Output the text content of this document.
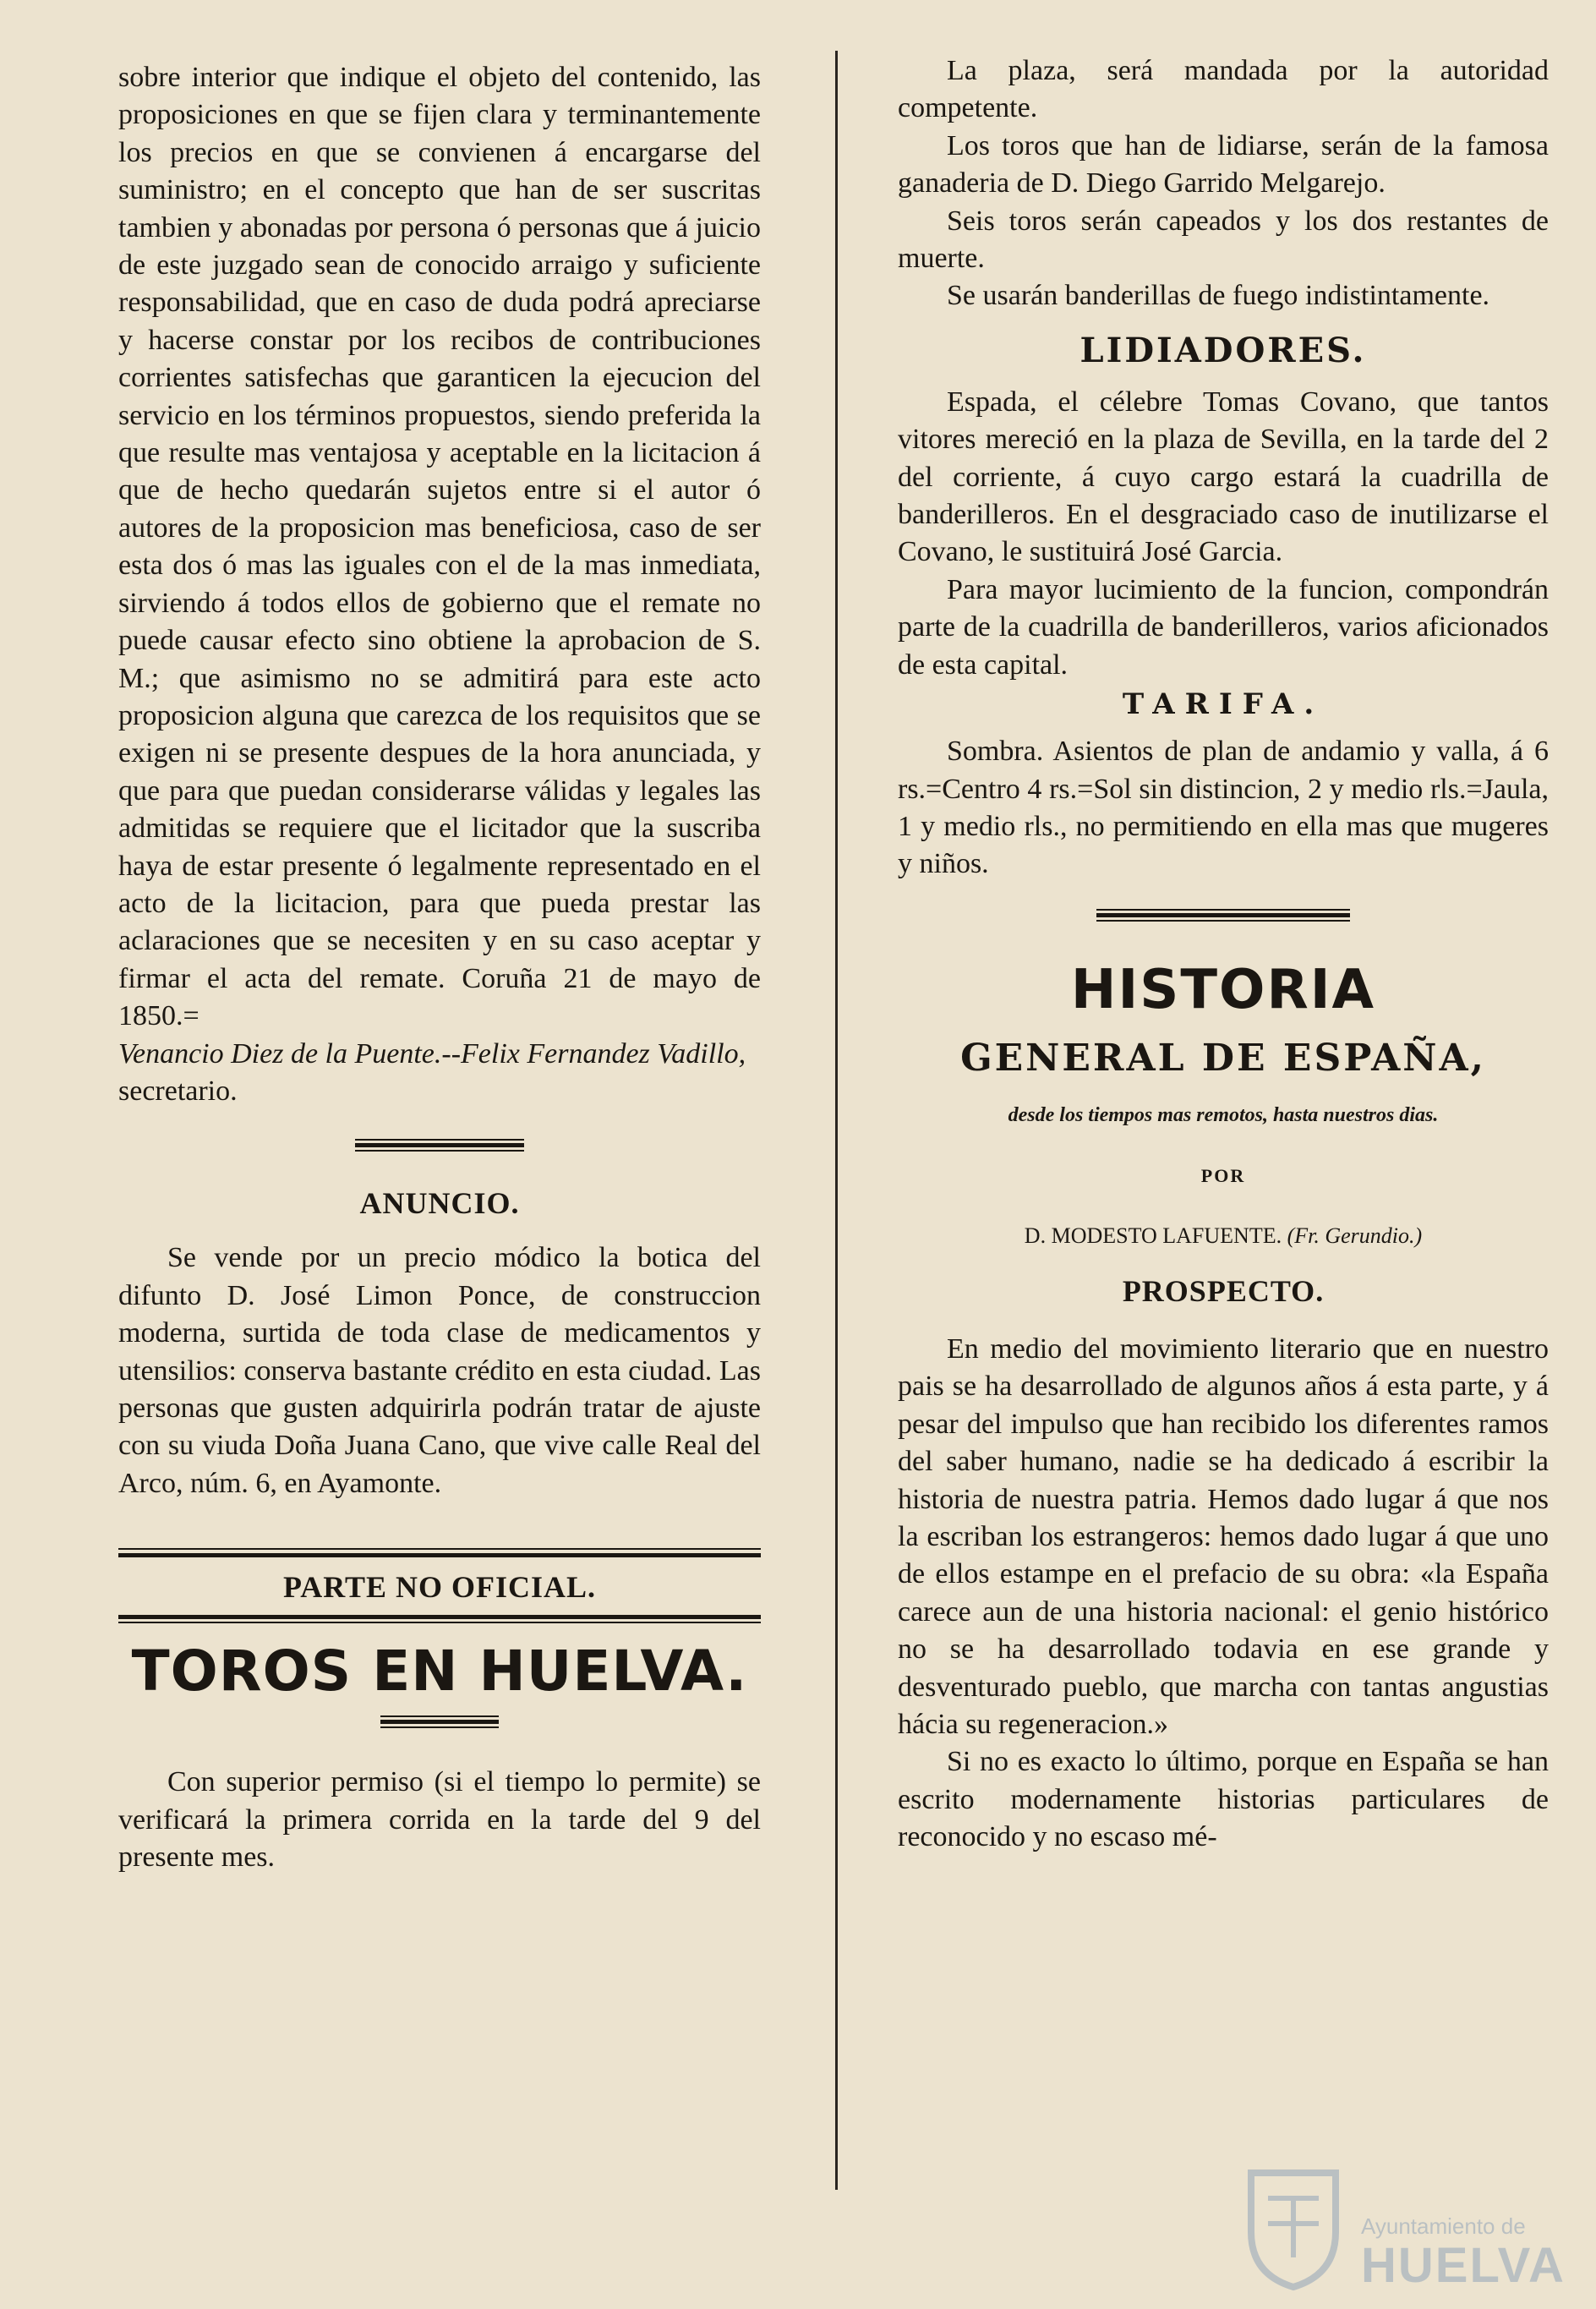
sobre interior que indique el objeto del contenido, las proposiciones en que se fijen clara y terminantemente los precios en que se convienen á encargarse del suministro; en el concepto que han de ser suscritas tambien y abonadas por persona ó personas que á juicio de este juzgado sean de conocido arraigo y suficiente responsabilidad, que en caso de duda podrá apreciarse y hacerse constar por los recibos de contribuciones corrientes satisfechas que garanticen la ejecucion del servicio en los términos propuestos, siendo preferida la que resulte mas ventajosa y aceptable en la licitacion á que de hecho quedarán sujetos entre si el autor ó autores de la proposicion mas beneficiosa, caso de ser esta dos ó mas las iguales con el de la mas inmediata, sirviendo á todos ellos de gobierno que el remate no puede causar efecto sino obtiene la aprobacion de S. M.; que asimismo no se admitirá para este acto proposicion alguna que carezca de los requisitos que se exigen ni se presente despues de la hora anunciada, y que para que puedan considerarse válidas y legales las admitidas se requiere que el licitador que la suscriba haya de estar presente ó legalmente representado en el acto de la licitacion, para que pueda prestar las aclaraciones que se necesiten y en su caso aceptar y firmar el acta del remate. Coruña 21 de mayo de 1850.=

Venancio Diez de la Puente.--Felix Fernandez Vadillo, secretario.

ANUNCIO.

Se vende por un precio módico la botica del difunto D. José Limon Ponce, de construccion moderna, surtida de toda clase de medicamentos y utensilios: conserva bastante crédito en esta ciudad. Las personas que gusten adquirirla podrán tratar de ajuste con su viuda Doña Juana Cano, que vive calle Real del Arco, núm. 6, en Ayamonte.

PARTE NO OFICIAL.
TOROS EN HUELVA.

Con superior permiso (si el tiempo lo permite) se verificará la primera corrida en la tarde del 9 del presente mes.

La plaza, será mandada por la autoridad competente.

Los toros que han de lidiarse, serán de la famosa ganaderia de D. Diego Garrido Melgarejo.

Seis toros serán capeados y los dos restantes de muerte.

Se usarán banderillas de fuego indistintamente.

LIDIADORES.

Espada, el célebre Tomas Covano, que tantos vitores mereció en la plaza de Sevilla, en la tarde del 2 del corriente, á cuyo cargo estará la cuadrilla de banderilleros. En el desgraciado caso de inutilizarse el Covano, le sustituirá José Garcia.

Para mayor lucimiento de la funcion, compondrán parte de la cuadrilla de banderilleros, varios aficionados de esta capital.

TARIFA.

Sombra. Asientos de plan de andamio y valla, á 6 rs.=Centro 4 rs.=Sol sin distincion, 2 y medio rls.=Jaula, 1 y medio rls., no permitiendo en ella mas que mugeres y niños.

HISTORIA
GENERAL DE ESPAÑA,

desde los tiempos mas remotos, hasta nuestros dias.

POR

D. MODESTO LAFUENTE. (Fr. Gerundio.)

PROSPECTO.

En medio del movimiento literario que en nuestro pais se ha desarrollado de algunos años á esta parte, y á pesar del impulso que han recibido los diferentes ramos del saber humano, nadie se ha dedicado á escribir la historia de nuestra patria. Hemos dado lugar á que nos la escriban los estrangeros: hemos dado lugar á que uno de ellos estampe en el prefacio de su obra: «la España carece aun de una historia nacional: el genio histórico no se ha desarrollado todavia en ese grande y desventurado pueblo, que marcha con tantas angustias hácia su regeneracion.»

Si no es exacto lo último, porque en España se han escrito modernamente historias particulares de reconocido y no escaso mé-

Ayuntamiento de
HUELVA
